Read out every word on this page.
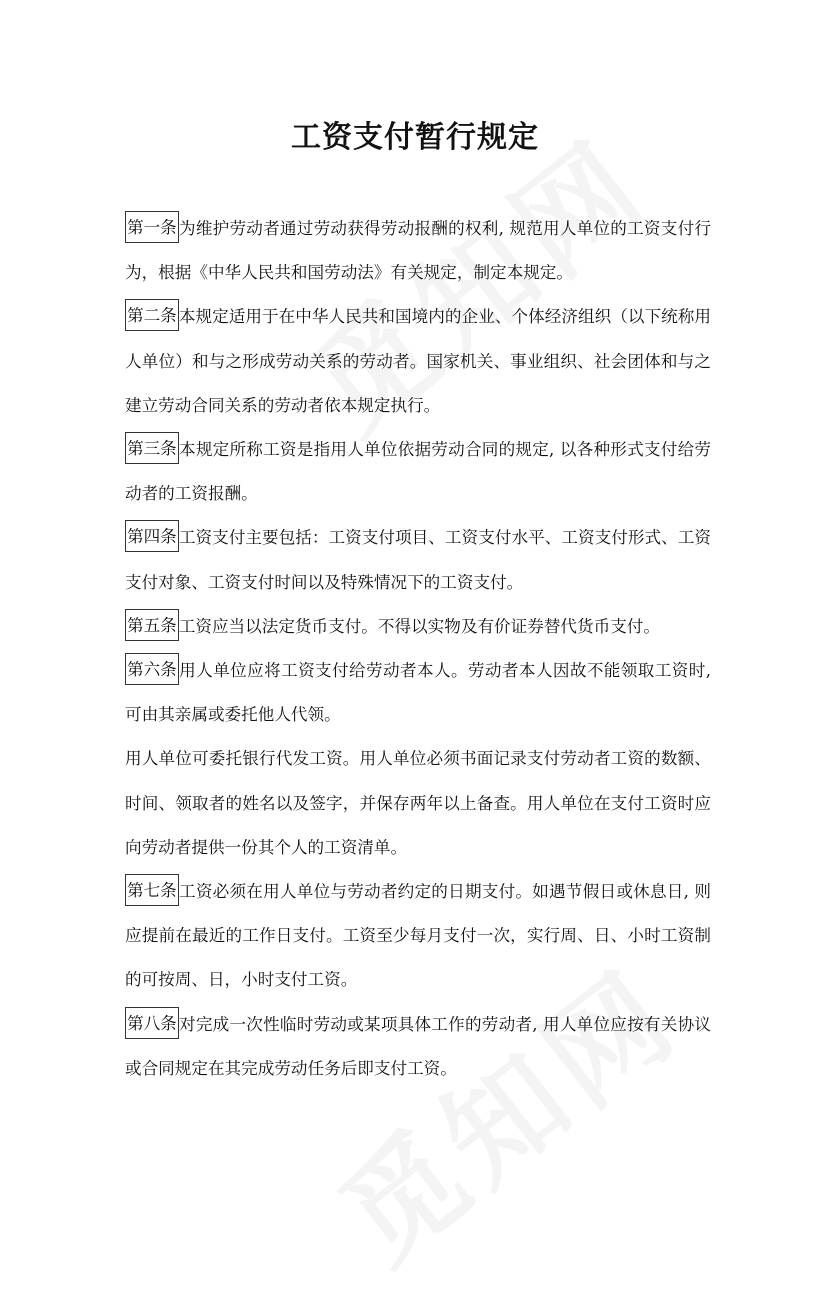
工资支付暂行规定

第一条 为维护劳动者通过劳动获得劳动报酬的权利, 规范用人单位的工资支付行为，根据《中华人民共和国劳动法》有关规定，制定本规定。

第二条 本规定适用于在中华人民共和国境内的企业、个体经济组织（以下统称用人单位）和与之形成劳动关系的劳动者。国家机关、事业组织、社会团体和与之建立劳动合同关系的劳动者依本规定执行。

第三条 本规定所称工资是指用人单位依据劳动合同的规定, 以各种形式支付给劳动者的工资报酬。

第四条 工资支付主要包括：工资支付项目、工资支付水平、工资支付形式、工资支付对象、工资支付时间以及特殊情况下的工资支付。

第五条 工资应当以法定货币支付。不得以实物及有价证券替代货币支付。

第六条 用人单位应将工资支付给劳动者本人。劳动者本人因故不能领取工资时, 可由其亲属或委托他人代领。

用人单位可委托银行代发工资。用人单位必须书面记录支付劳动者工资的数额、时间、领取者的姓名以及签字，并保存两年以上备查。用人单位在支付工资时应向劳动者提供一份其个人的工资清单。

第七条 工资必须在用人单位与劳动者约定的日期支付。如遇节假日或休息日, 则应提前在最近的工作日支付。工资至少每月支付一次，实行周、日、小时工资制的可按周、日，小时支付工资。

第八条 对完成一次性临时劳动或某项具体工作的劳动者, 用人单位应按有关协议或合同规定在其完成劳动任务后即支付工资。
